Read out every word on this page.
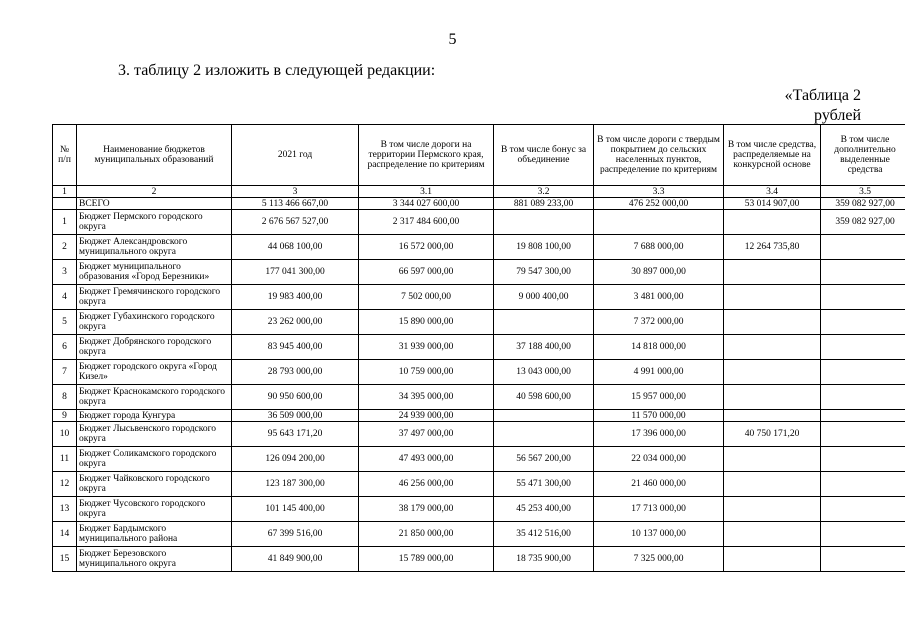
5
3. таблицу 2 изложить в следующей редакции:
«Таблица 2
рублей
№ п/п	Наименование бюджетов муниципальных образований	2021 год	В том числе дороги на территории Пермского края, распределение по критериям	В том числе бонус за объединение	В том числе дороги с твердым покрытием до сельских населенных пунктов, распределение по критериям	В том числе средства, распределяемые на конкурсной основе	В том числе дополнительно выделенные средства
1	2	3	3.1	3.2	3.3	3.4	3.5
	ВСЕГО	5 113 466 667,00	3 344 027 600,00	881 089 233,00	476 252 000,00	53 014 907,00	359 082 927,00
1	Бюджет Пермского городского округа	2 676 567 527,00	2 317 484 600,00				359 082 927,00
2	Бюджет Александровского муниципального округа	44 068 100,00	16 572 000,00	19 808 100,00	7 688 000,00	12 264 735,80	
3	Бюджет муниципального образования «Город Березники»	177 041 300,00	66 597 000,00	79 547 300,00	30 897 000,00		
4	Бюджет Гремячинского городского округа	19 983 400,00	7 502 000,00	9 000 400,00	3 481 000,00		
5	Бюджет Губахинского городского округа	23 262 000,00	15 890 000,00		7 372 000,00		
6	Бюджет Добрянского городского округа	83 945 400,00	31 939 000,00	37 188 400,00	14 818 000,00		
7	Бюджет городского округа «Город Кизел»	28 793 000,00	10 759 000,00	13 043 000,00	4 991 000,00		
8	Бюджет Краснокамского городского округа	90 950 600,00	34 395 000,00	40 598 600,00	15 957 000,00		
9	Бюджет города Кунгура	36 509 000,00	24 939 000,00		11 570 000,00		
10	Бюджет Лысьвенского городского округа	95 643 171,20	37 497 000,00		17 396 000,00	40 750 171,20	
11	Бюджет Соликамского городского округа	126 094 200,00	47 493 000,00	56 567 200,00	22 034 000,00		
12	Бюджет Чайковского городского округа	123 187 300,00	46 256 000,00	55 471 300,00	21 460 000,00		
13	Бюджет Чусовского городского округа	101 145 400,00	38 179 000,00	45 253 400,00	17 713 000,00		
14	Бюджет Бардымского муниципального района	67 399 516,00	21 850 000,00	35 412 516,00	10 137 000,00		
15	Бюджет Березовского муниципального округа	41 849 900,00	15 789 000,00	18 735 900,00	7 325 000,00		
